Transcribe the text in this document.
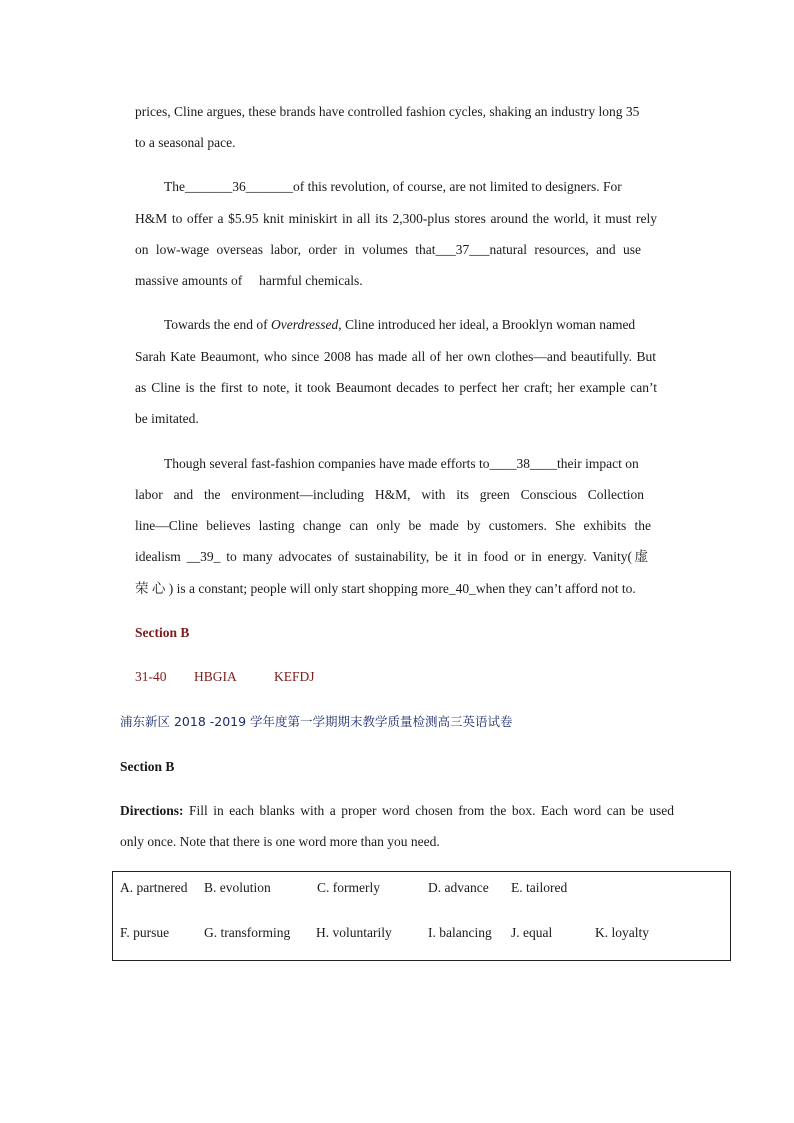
prices, Cline argues, these brands have controlled fashion cycles, shaking an industry long 35
to a seasonal pace.
The_______36_______of this revolution, of course, are not limited to designers. For
H&M to offer a $5.95 knit miniskirt in all its 2,300-plus stores around the world, it must rely
on low-wage overseas labor, order in volumes that___37___natural resources, and use
massive amounts of     harmful chemicals.
Towards the end of Overdressed, Cline introduced her ideal, a Brooklyn woman named
Sarah Kate Beaumont, who since 2008 has made all of her own clothes—and beautifully. But
as Cline is the first to note, it took Beaumont decades to perfect her craft; her example can’t
be imitated.
Though several fast-fashion companies have made efforts to____38____their impact on
labor and the environment—including H&M, with its green Conscious Collection
line—Cline believes lasting change can only be made by customers. She exhibits the
idealism __39_ to many advocates of sustainability, be it in food or in energy. Vanity(虚
荣 心 ) is a constant; people will only start shopping more_40_when they can’t afford not to.
Section B
31-40 HBGIA	KEFDJ
浦东新区 2018 -2019 学年度第一学期期末教学质量检测高三英语试卷
Section B
Directions: Fill in each blanks with a proper word chosen from the box. Each word can be used
only once. Note that there is one word more than you need.
A. partnered B. evolution	C. formerly	D. advance E. tailored
F. pursue	G. transforming H. voluntarily	I. balancing J. equal	K. loyalty
